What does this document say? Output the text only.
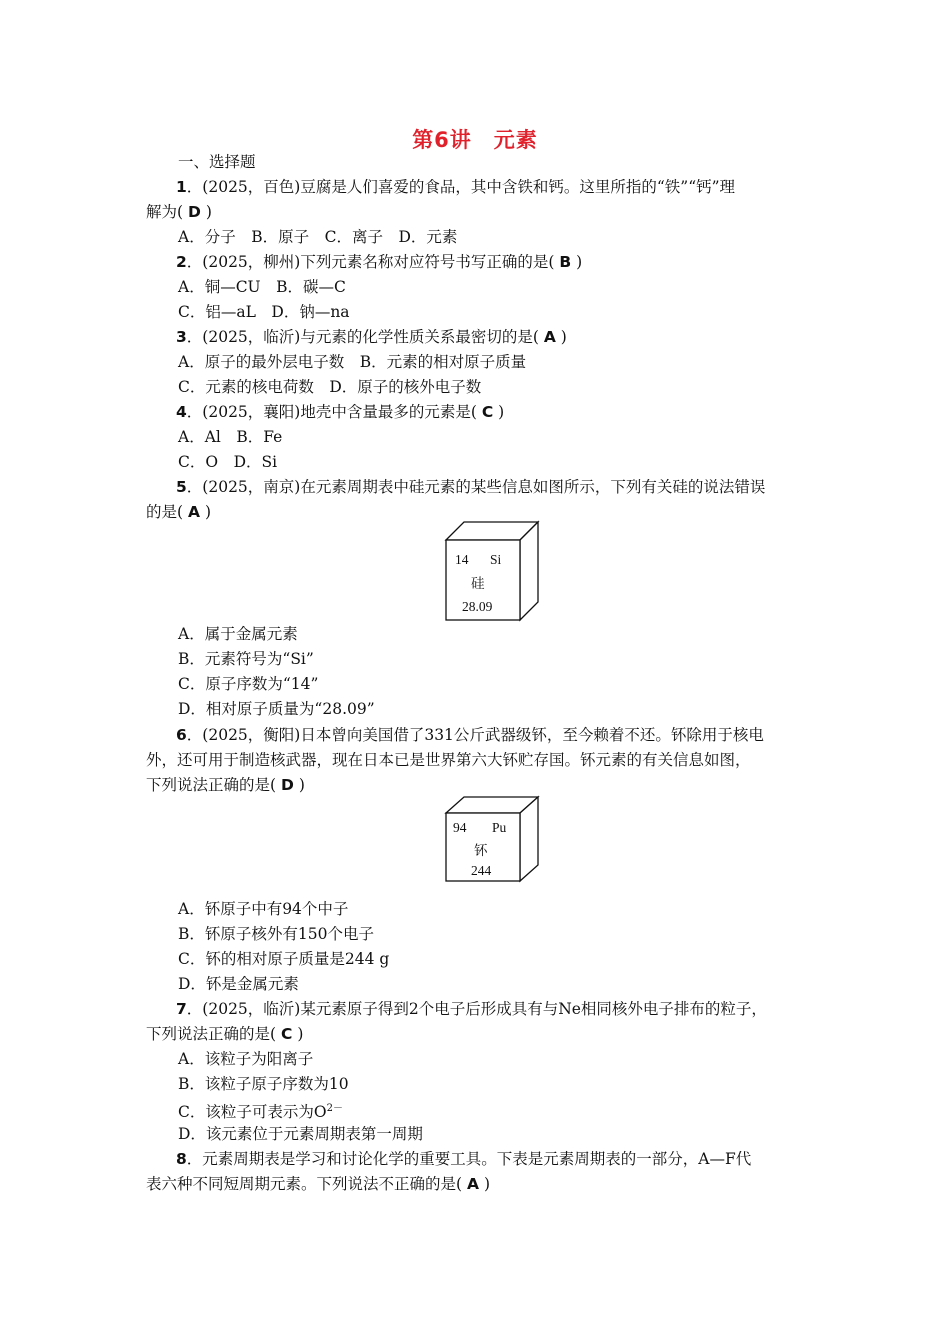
第6讲　元素
一、选择题
1．(2025，百色)豆腐是人们喜爱的食品，其中含铁和钙。这里所指的“铁”“钙”理
解为( D )
A．分子　B．原子　C．离子　D．元素
2．(2025，柳州)下列元素名称对应符号书写正确的是( B )
A．铜—CU　B．碳—C
C．铝—aL　D．钠—na
3．(2025，临沂)与元素的化学性质关系最密切的是( A )
A．原子的最外层电子数　B．元素的相对原子质量
C．元素的核电荷数　D．原子的核外电子数
4．(2025，襄阳)地壳中含量最多的元素是( C )
A．Al　B．Fe
C．O　D．Si
5．(2025，南京)在元素周期表中硅元素的某些信息如图所示，下列有关硅的说法错误
的是( A )
14 Si
硅
28.09
A．属于金属元素
B．元素符号为“Si”
C．原子序数为“14”
D．相对原子质量为“28.09”
6．(2025，衡阳)日本曾向美国借了331公斤武器级钚，至今赖着不还。钚除用于核电
外，还可用于制造核武器，现在日本已是世界第六大钚贮存国。钚元素的有关信息如图，
下列说法正确的是( D )
94 Pu
钚
244
A．钚原子中有94个中子
B．钚原子核外有150个电子
C．钚的相对原子质量是244 g
D．钚是金属元素
7．(2025，临沂)某元素原子得到2个电子后形成具有与Ne相同核外电子排布的粒子，
下列说法正确的是( C )
A．该粒子为阳离子
B．该粒子原子序数为10
C．该粒子可表示为$O^{2-}$
D．该元素位于元素周期表第一周期
8．元素周期表是学习和讨论化学的重要工具。下表是元素周期表的一部分，A—F代
表六种不同短周期元素。下列说法不正确的是( A )
